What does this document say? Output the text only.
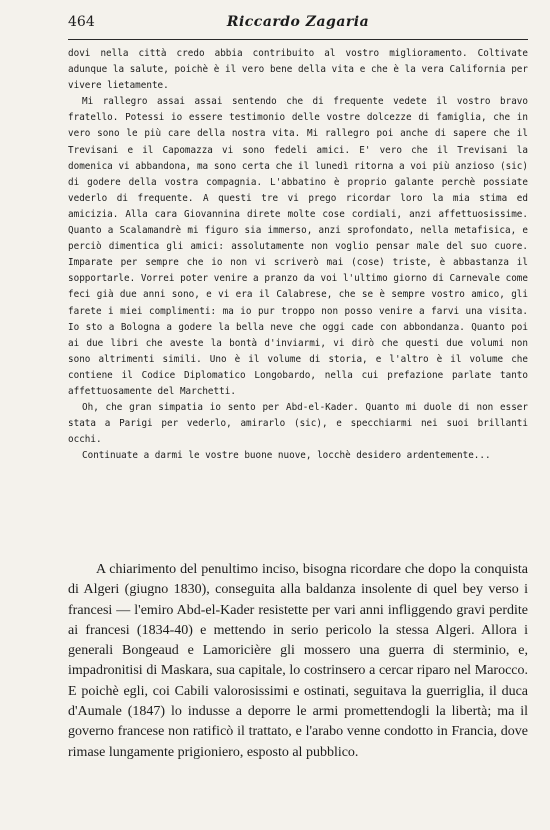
464	Riccardo Zagaria

dovi nella città credo abbia contribuito al vostro miglioramento. Coltivate adunque la salute, poichè è il vero bene della vita e che è la vera California per vivere lietamente.

Mi rallegro assai assai sentendo che di frequente vedete il vostro bravo fratello. Potessi io essere testimonio delle vostre dolcezze di famiglia, che in vero sono le più care della nostra vita. Mi rallegro poi anche di sapere che il Trevisani e il Capomazza vi sono fedeli amici. E' vero che il Trevisani la domenica vi abbandona, ma sono certa che il lunedì ritorna a voi più anzioso (sic) di godere della vostra compagnia. L'abbatino è proprio galante perchè possiate vederlo di frequente. A questi tre vi prego ricordar loro la mia stima ed amicizia. Alla cara Giovannina direte molte cose cordiali, anzi affettuosissime. Quanto a Scalamandrè mi figuro sia immerso, anzi sprofondato, nella metafisica, e perciò dimentica gli amici: assolutamente non voglio pensar male del suo cuore. Imparate per sempre che io non vi scriverò mai (cose) triste, è abbastanza il sopportarle. Vorrei poter venire a pranzo da voi l'ultimo giorno di Carnevale come feci già due anni sono, e vi era il Calabrese, che se è sempre vostro amico, gli farete i miei complimenti: ma io pur troppo non posso venire a farvi una visita. Io sto a Bologna a godere la bella neve che oggi cade con abbondanza. Quanto poi ai due libri che aveste la bontà d'inviarmi, vi dirò che questi due volumi non sono altrimenti simili. Uno è il volume di storia, e l'altro è il volume che contiene il Codice Diplomatico Longobardo, nella cui prefazione parlate tanto affettuosamente del Marchetti.

Oh, che gran simpatia io sento per Abd-el-Kader. Quanto mi duole di non esser stata a Parigi per vederlo, amirarlo (sic), e specchiarmi nei suoi brillanti occhi.

Continuate a darmi le vostre buone nuove, locchè desidero ardentemente...

A chiarimento del penultimo inciso, bisogna ricordare che dopo la conquista di Algeri (giugno 1830), conseguita alla baldanza insolente di quel bey verso i francesi — l'emiro Abd-el-Kader resistette per vari anni infliggendo gravi perdite ai francesi (1834-40) e mettendo in serio pericolo la stessa Algeri. Allora i generali Bongeaud e Lamoricière gli mossero una guerra di sterminio, e, impadronitisi di Maskara, sua capitale, lo costrinsero a cercar riparo nel Marocco. E poichè egli, coi Cabili valorosissimi e ostinati, seguitava la guerriglia, il duca d'Aumale (1847) lo indusse a deporre le armi promettendogli la libertà; ma il governo francese non ratificò il trattato, e l'arabo venne condotto in Francia, dove rimase lungamente prigioniero, esposto al pubblico.
